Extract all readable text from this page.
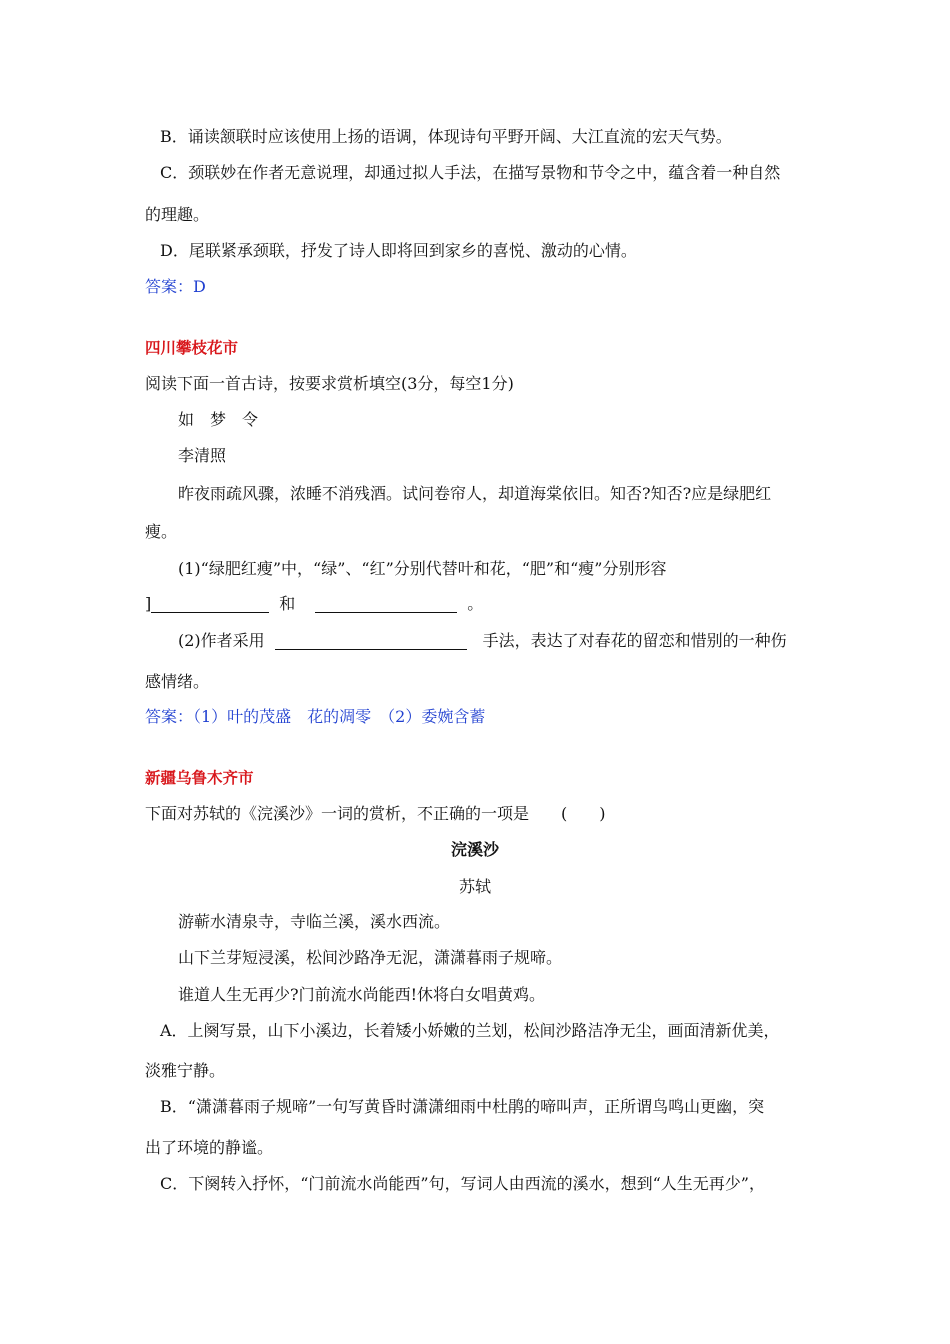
B．诵读颔联时应该使用上扬的语调，体现诗句平野开阔、大江直流的宏天气势。
C．颈联妙在作者无意说理，却通过拟人手法，在描写景物和节令之中，蕴含着一种自然
的理趣。
D．尾联紧承颈联，抒发了诗人即将回到家乡的喜悦、激动的心情。
答案：D
四川攀枝花市
阅读下面一首古诗，按要求赏析填空(3分，每空1分)
如　梦　令
李清照
昨夜雨疏风骤，浓睡不消残酒。试问卷帘人，却道海棠依旧。知否?知否?应是绿肥红
瘦。
(1)“绿肥红瘦”中，“绿”、“红”分别代替叶和花，“肥”和“瘦”分别形容
]	和	。
(2)作者采用	手法，表达了对春花的留恋和惜别的一种伤
感情绪。
答案：（1）叶的茂盛　花的凋零　（2）委婉含蓄
新疆乌鲁木齐市
下面对苏轼的《浣溪沙》一词的赏析，不正确的一项是　　(　　)
浣溪沙
苏轼
游蕲水清泉寺，寺临兰溪，溪水西流。
山下兰芽短浸溪，松间沙路净无泥，潇潇暮雨子规啼。
谁道人生无再少?门前流水尚能西!休将白女唱黄鸡。
A．上阕写景，山下小溪边，长着矮小娇嫩的兰划，松间沙路洁净无尘，画面清新优美，
淡雅宁静。
B．“潇潇暮雨子规啼”一句写黄昏时潇潇细雨中杜鹃的啼叫声，正所谓鸟鸣山更幽，突
出了环境的静谧。
C．下阕转入抒怀，“门前流水尚能西”句，写词人由西流的溪水，想到“人生无再少”，
